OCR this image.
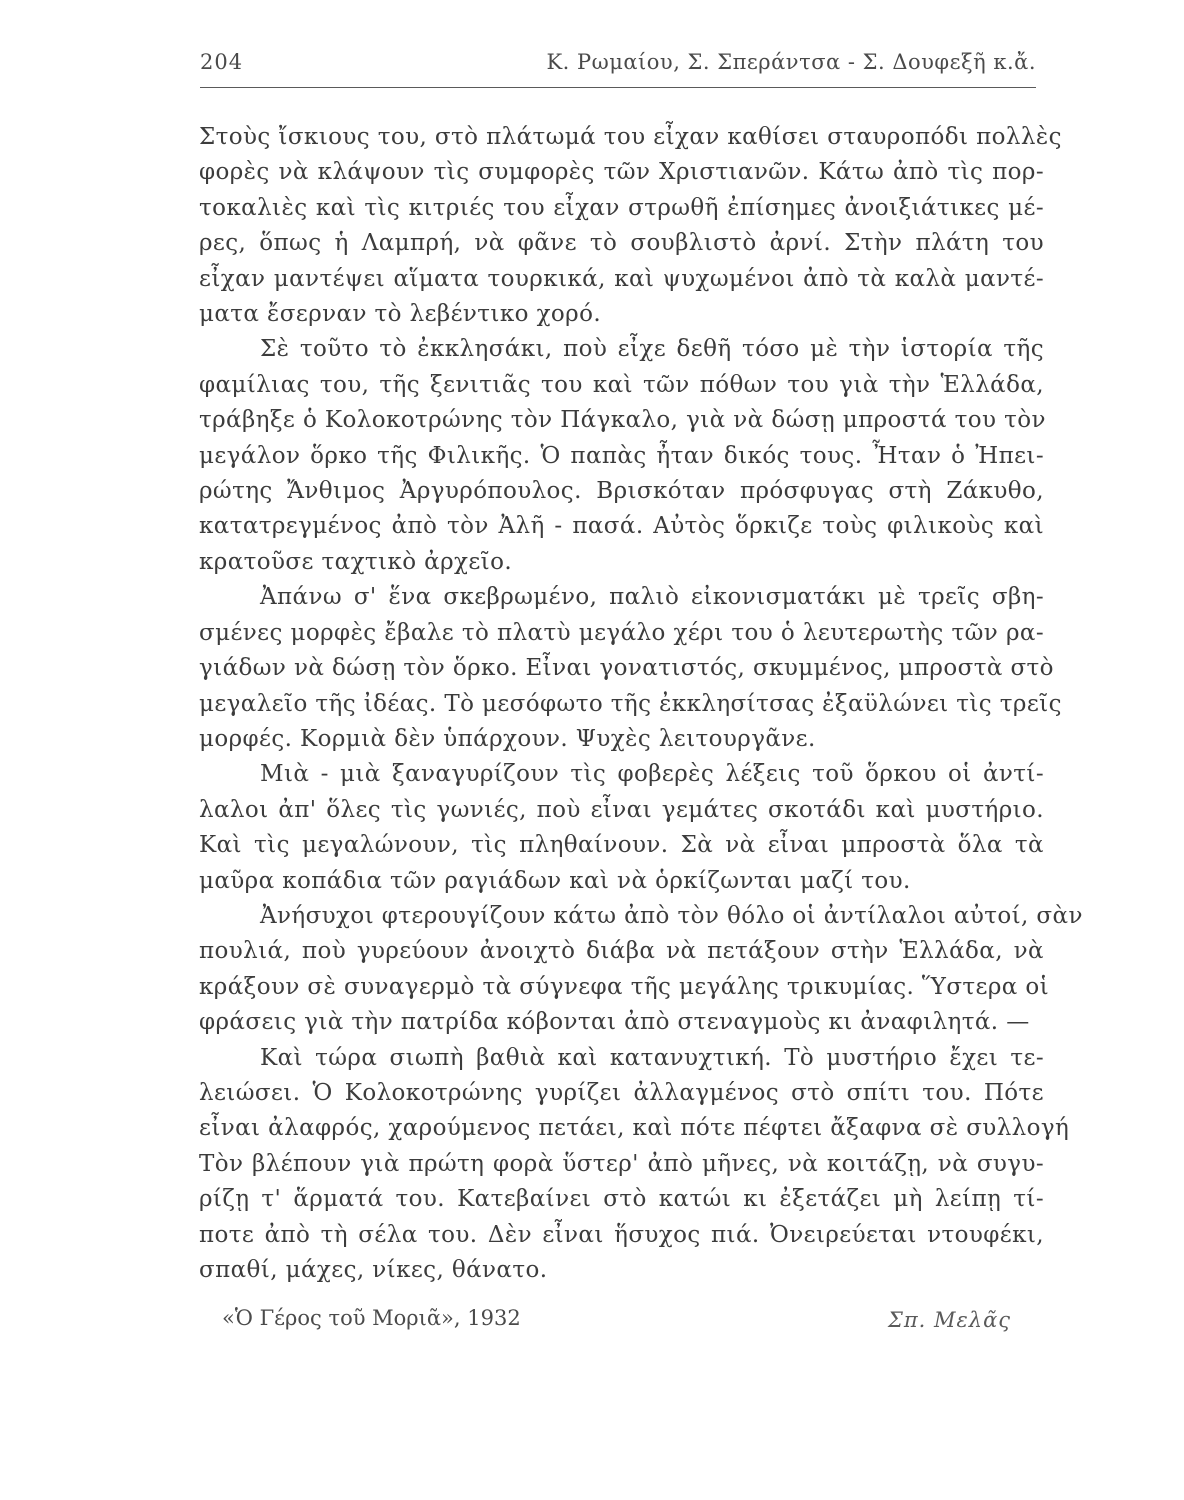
204	Κ. Ρωμαίου, Σ. Σπεράντσα - Σ. Δουφεξῆ κ.ἄ.
Στοὺς ἴσκιους του, στὸ πλάτωμά του εἶχαν καθίσει σταυροπόδι πολλὲς
φορὲς νὰ κλάψουν τὶς συμφορὲς τῶν Χριστιανῶν. Κάτω ἀπὸ τὶς πορ-
τοκαλιὲς καὶ τὶς κιτριές του εἶχαν στρωθῆ ἐπίσημες ἀνοιξιάτικες μέ-
ρες, ὅπως ἡ Λαμπρή, νὰ φᾶνε τὸ σουβλιστὸ ἀρνί. Στὴν πλάτη του
εἶχαν μαντέψει αἵματα τουρκικά, καὶ ψυχωμένοι ἀπὸ τὰ καλὰ μαντέ-
ματα ἔσερναν τὸ λεβέντικο χορό.
Σὲ τοῦτο τὸ ἐκκλησάκι, ποὺ εἶχε δεθῆ τόσο μὲ τὴν ἱστορία τῆς
φαμίλιας του, τῆς ξενιτιᾶς του καὶ τῶν πόθων του γιὰ τὴν Ἑλλάδα,
τράβηξε ὁ Κολοκοτρώνης τὸν Πάγκαλο, γιὰ νὰ δώσῃ μπροστά του τὸν
μεγάλον ὅρκο τῆς Φιλικῆς. Ὁ παπὰς ἦταν δικός τους. Ἦταν ὁ Ἠπει-
ρώτης Ἄνθιμος Ἀργυρόπουλος. Βρισκόταν πρόσφυγας στὴ Ζάκυθο,
κατατρεγμένος ἀπὸ τὸν Ἀλῆ - πασά. Αὐτὸς ὅρκιζε τοὺς φιλικοὺς καὶ
κρατοῦσε ταχτικὸ ἀρχεῖο.
Ἀπάνω σ' ἕνα σκεβρωμένο, παλιὸ εἰκονισματάκι μὲ τρεῖς σβη-
σμένες μορφὲς ἔβαλε τὸ πλατὺ μεγάλο χέρι του ὁ λευτερωτὴς τῶν ρα-
γιάδων νὰ δώσῃ τὸν ὅρκο. Εἶναι γονατιστός, σκυμμένος, μπροστὰ στὸ
μεγαλεῖο τῆς ἰδέας. Τὸ μεσόφωτο τῆς ἐκκλησίτσας ἐξαϋλώνει τὶς τρεῖς
μορφές. Κορμιὰ δὲν ὑπάρχουν. Ψυχὲς λειτουργᾶνε.
Μιὰ - μιὰ ξαναγυρίζουν τὶς φοβερὲς λέξεις τοῦ ὅρκου οἱ ἀντί-
λαλοι ἀπ' ὅλες τὶς γωνιές, ποὺ εἶναι γεμάτες σκοτάδι καὶ μυστήριο.
Καὶ τὶς μεγαλώνουν, τὶς πληθαίνουν. Σὰ νὰ εἶναι μπροστὰ ὅλα τὰ
μαῦρα κοπάδια τῶν ραγιάδων καὶ νὰ ὁρκίζωνται μαζί του.
Ἀνήσυχοι φτερουγίζουν κάτω ἀπὸ τὸν θόλο οἱ ἀντίλαλοι αὐτοί, σὰν
πουλιά, ποὺ γυρεύουν ἀνοιχτὸ διάβα νὰ πετάξουν στὴν Ἑλλάδα, νὰ
κράξουν σὲ συναγερμὸ τὰ σύγνεφα τῆς μεγάλης τρικυμίας. Ὕστερα οἱ
φράσεις γιὰ τὴν πατρίδα κόβονται ἀπὸ στεναγμοὺς κι ἀναφιλητά. —
Καὶ τώρα σιωπὴ βαθιὰ καὶ κατανυχτική. Τὸ μυστήριο ἔχει τε-
λειώσει. Ὁ Κολοκοτρώνης γυρίζει ἀλλαγμένος στὸ σπίτι του. Πότε
εἶναι ἀλαφρός, χαρούμενος πετάει, καὶ πότε πέφτει ἄξαφνα σὲ συλλογή
Τὸν βλέπουν γιὰ πρώτη φορὰ ὕστερ' ἀπὸ μῆνες, νὰ κοιτάζῃ, νὰ συγυ-
ρίζῃ τ' ἅρματά του. Κατεβαίνει στὸ κατώι κι ἐξετάζει μὴ λείπῃ τί-
ποτε ἀπὸ τὴ σέλα του. Δὲν εἶναι ἥσυχος πιά. Ὀνειρεύεται ντουφέκι,
σπαθί, μάχες, νίκες, θάνατο.
«Ὁ Γέρος τοῦ Μοριᾶ», 1932	Σπ. Μελᾶς
